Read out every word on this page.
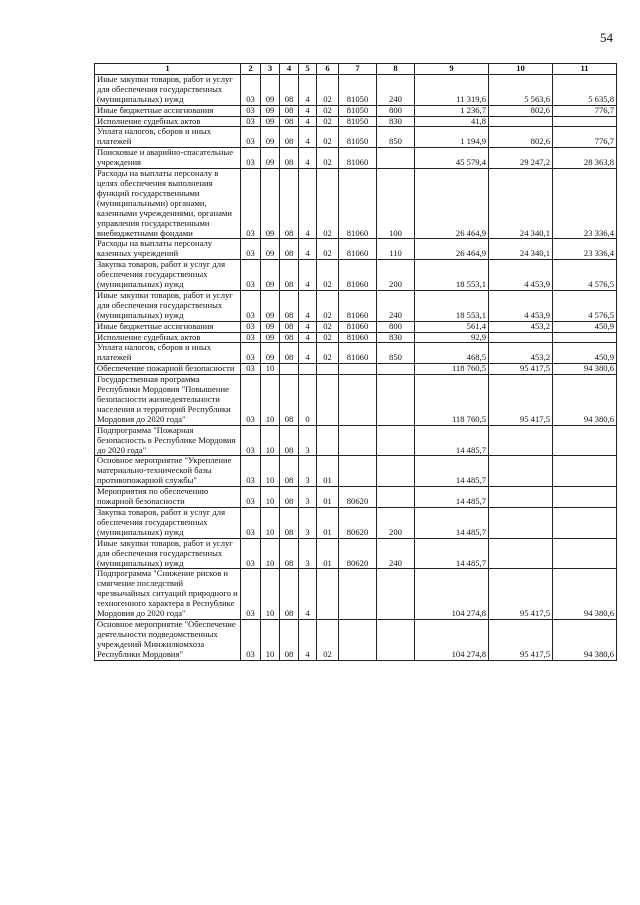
54
1	2	3	4	5	6	7	8	9	10	11
Иные закупки товаров, работ и услуг для обеспечения государственных (муниципальных) нужд	03	09	08	4	02	81050	240	11 319,6	5 563,6	5 635,8
Иные бюджетные ассигнования	03	09	08	4	02	81050	800	1 236,7	802,6	776,7
Исполнение судебных актов	03	09	08	4	02	81050	830	41,8		
Уплата налогов, сборов и иных платежей	03	09	08	4	02	81050	850	1 194,9	802,6	776,7
Поисковые и аварийно-спасательные учреждения	03	09	08	4	02	81060		45 579,4	29 247,2	28 363,8
Расходы на выплаты персоналу в целях обеспечения выполнения функций государственными (муниципальными) органами, казенными учреждениями, органами управления государственными внебюджетными фондами	03	09	08	4	02	81060	100	26 464,9	24 340,1	23 336,4
Расходы на выплаты персоналу казенных учреждений	03	09	08	4	02	81060	110	26 464,9	24 340,1	23 336,4
Закупка товаров, работ и услуг для обеспечения государственных (муниципальных) нужд	03	09	08	4	02	81060	200	18 553,1	4 453,9	4 576,5
Иные закупки товаров, работ и услуг для обеспечения государственных (муниципальных) нужд	03	09	08	4	02	81060	240	18 553,1	4 453,9	4 576,5
Иные бюджетные ассигнования	03	09	08	4	02	81060	800	561,4	453,2	450,9
Исполнение судебных актов	03	09	08	4	02	81060	830	92,9		
Уплата налогов, сборов и иных платежей	03	09	08	4	02	81060	850	468,5	453,2	450,9
Обеспечение пожарной безопасности	03	10						118 760,5	95 417,5	94 380,6
Государственная программа Республики Мордовия "Повышение безопасности жизнедеятельности населения и территорий Республики Мордовия до 2020 года"	03	10	08	0				118 760,5	95 417,5	94 380,6
Подпрограмма "Пожарная безопасность в Республике Мордовия до 2020 года"	03	10	08	3				14 485,7		
Основное мероприятие "Укрепление материально-технической базы противопожарной службы"	03	10	08	3	01			14 485,7		
Мероприятия по обеспечению пожарной безопасности	03	10	08	3	01	80620		14 485,7		
Закупка товаров, работ и услуг для обеспечения государственных (муниципальных) нужд	03	10	08	3	01	80620	200	14 485,7		
Иные закупки товаров, работ и услуг для обеспечения государственных (муниципальных) нужд	03	10	08	3	01	80620	240	14 485,7		
Подпрограмма "Снижение рисков и смягчение последствий чрезвычайных ситуаций природного и техногенного характера в Республике Мордовия до 2020 года"	03	10	08	4				104 274,8	95 417,5	94 380,6
Основное мероприятие "Обеспечение деятельности подведомственных учреждений Минжилкомхоза Республики Мордовия"	03	10	08	4	02			104 274,8	95 417,5	94 380,6
